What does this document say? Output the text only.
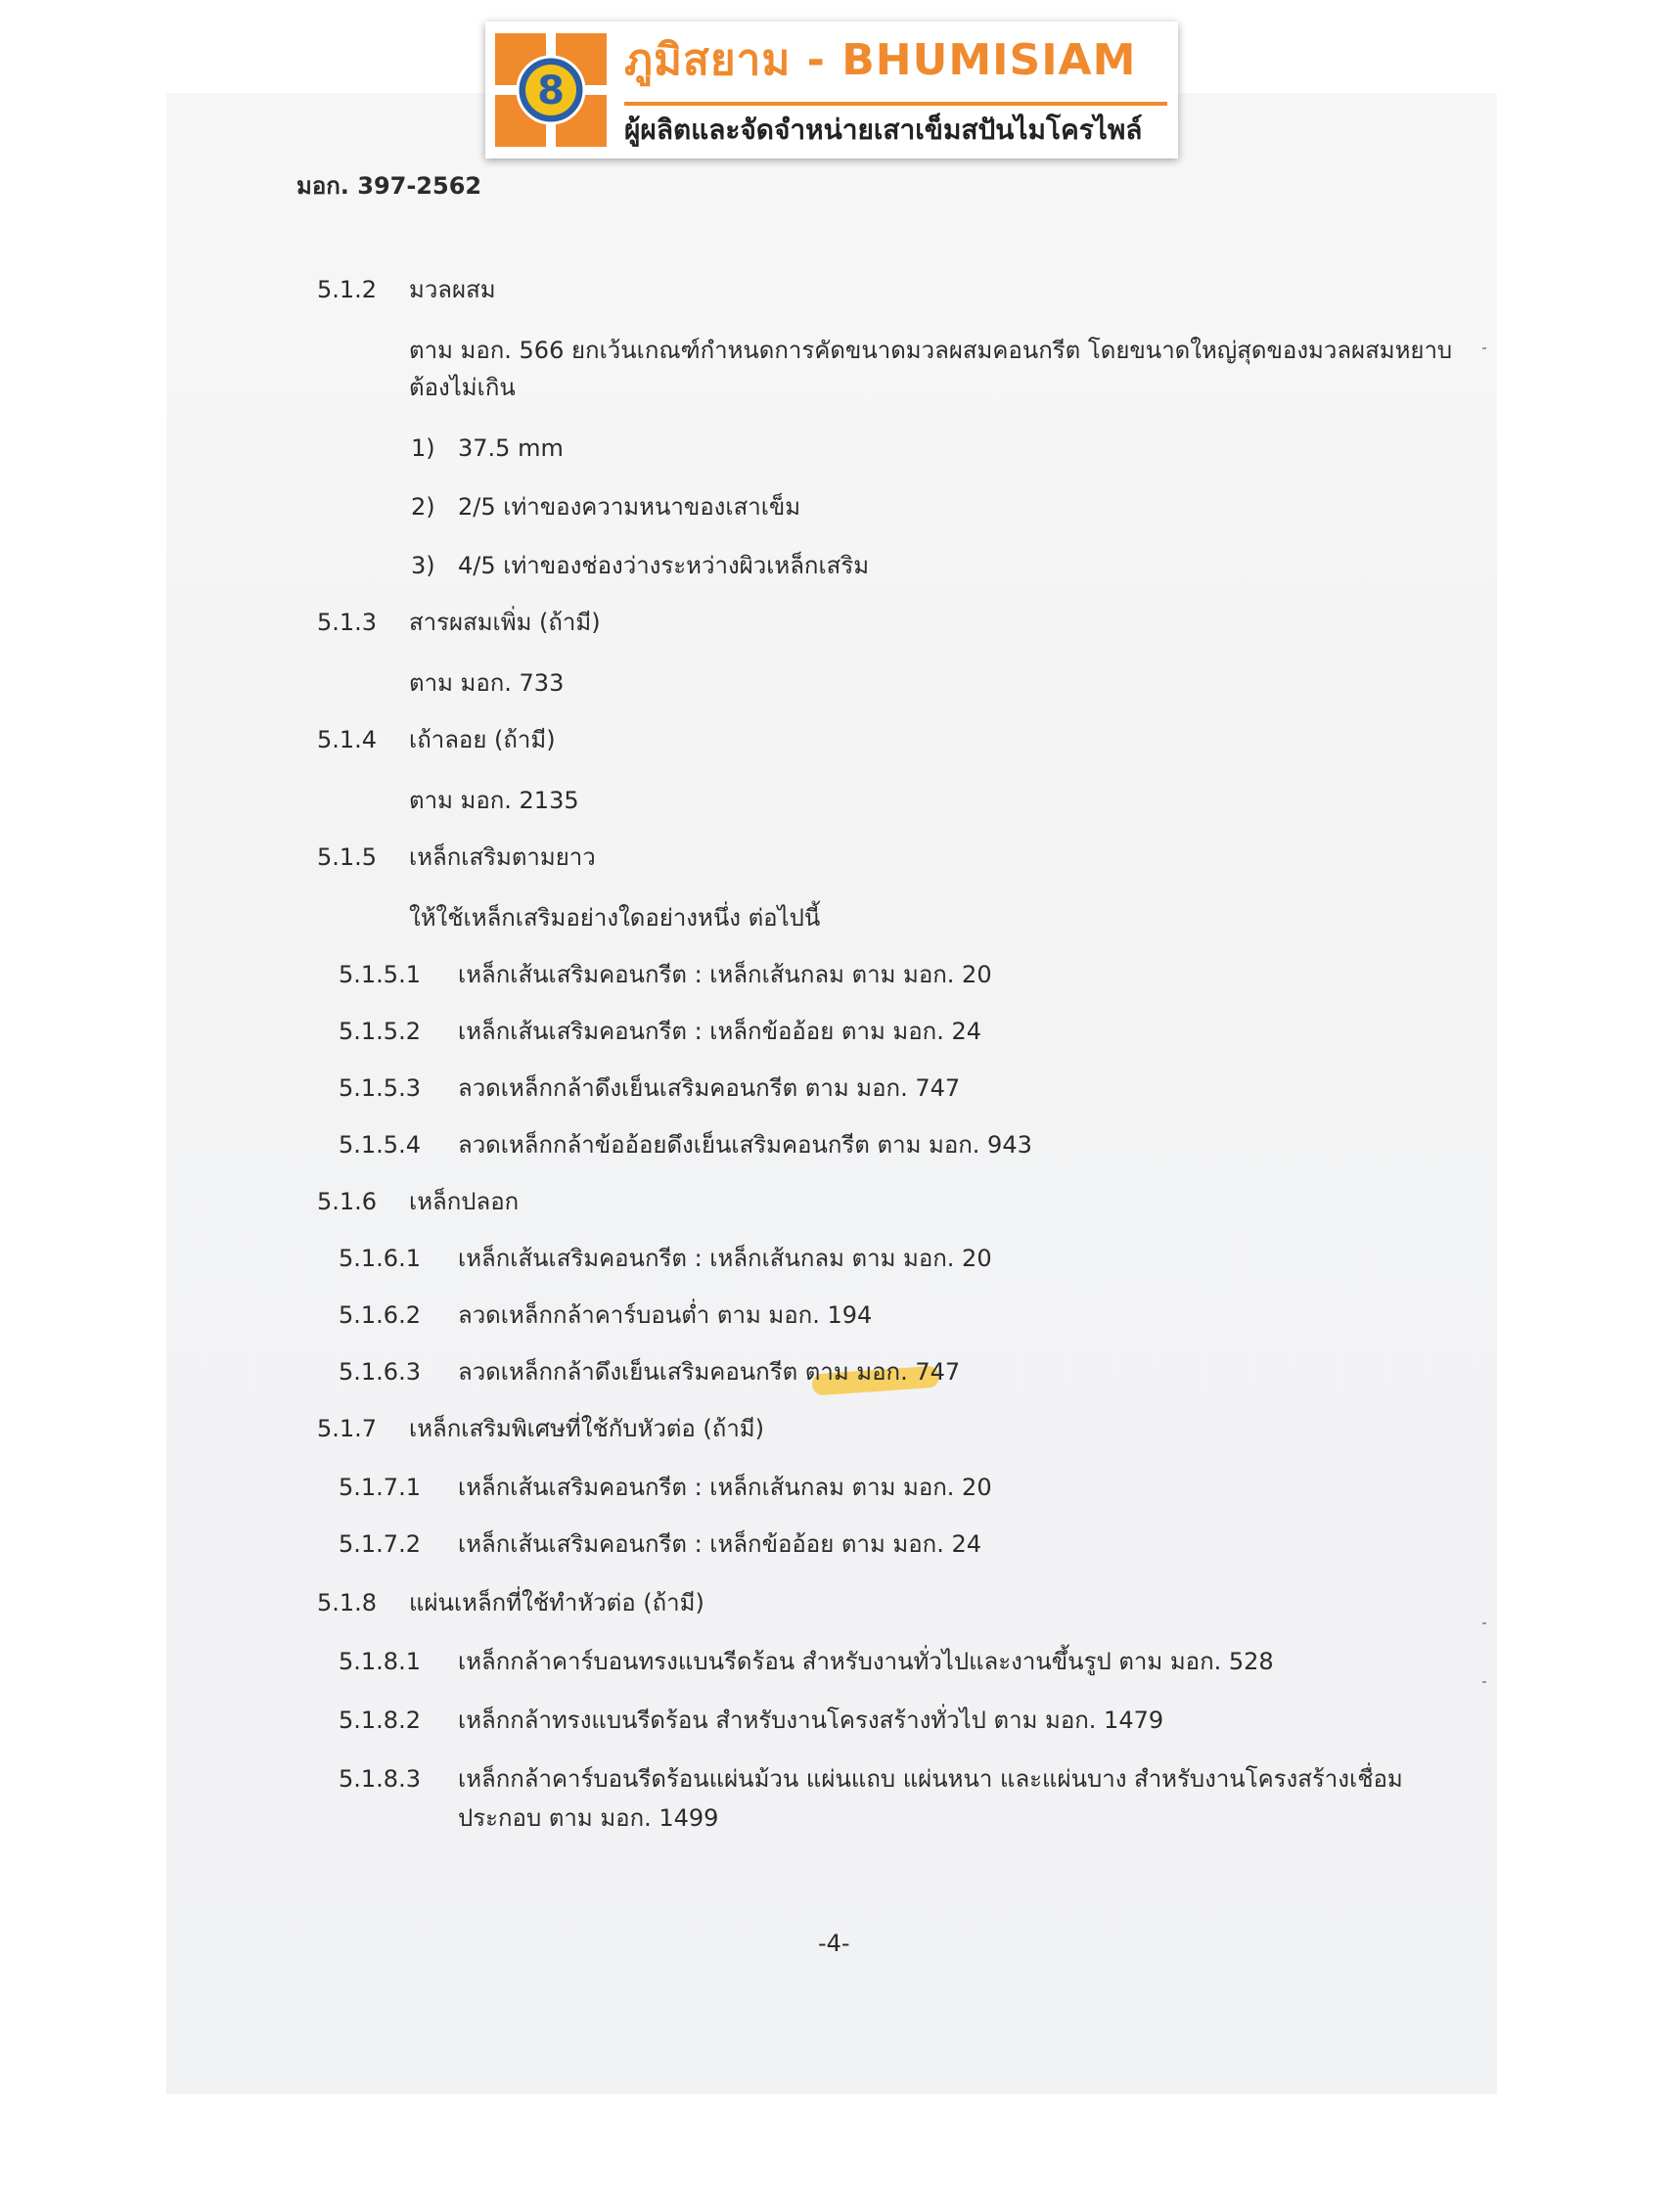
8
ภูมิสยาม - BHUMISIAM
ผู้ผลิตและจัดจำหน่ายเสาเข็มสปันไมโครไพล์
มอก. 397-2562
5.1.2 มวลผสม
ตาม มอก. 566 ยกเว้นเกณฑ์กำหนดการคัดขนาดมวลผสมคอนกรีต โดยขนาดใหญ่สุดของมวลผสมหยาบ
ต้องไม่เกิน
1) 37.5 mm
2) 2/5 เท่าของความหนาของเสาเข็ม
3) 4/5 เท่าของช่องว่างระหว่างผิวเหล็กเสริม
5.1.3 สารผสมเพิ่ม (ถ้ามี)
ตาม มอก. 733
5.1.4 เถ้าลอย (ถ้ามี)
ตาม มอก. 2135
5.1.5 เหล็กเสริมตามยาว
ให้ใช้เหล็กเสริมอย่างใดอย่างหนึ่ง ต่อไปนี้
5.1.5.1 เหล็กเส้นเสริมคอนกรีต : เหล็กเส้นกลม ตาม มอก. 20
5.1.5.2 เหล็กเส้นเสริมคอนกรีต : เหล็กข้ออ้อย ตาม มอก. 24
5.1.5.3 ลวดเหล็กกล้าดึงเย็นเสริมคอนกรีต ตาม มอก. 747
5.1.5.4 ลวดเหล็กกล้าข้ออ้อยดึงเย็นเสริมคอนกรีต ตาม มอก. 943
5.1.6 เหล็กปลอก
5.1.6.1 เหล็กเส้นเสริมคอนกรีต : เหล็กเส้นกลม ตาม มอก. 20
5.1.6.2 ลวดเหล็กกล้าคาร์บอนต่ำ ตาม มอก. 194
5.1.6.3 ลวดเหล็กกล้าดึงเย็นเสริมคอนกรีต ตาม มอก. 747
5.1.7 เหล็กเสริมพิเศษที่ใช้กับหัวต่อ (ถ้ามี)
5.1.7.1 เหล็กเส้นเสริมคอนกรีต : เหล็กเส้นกลม ตาม มอก. 20
5.1.7.2 เหล็กเส้นเสริมคอนกรีต : เหล็กข้ออ้อย ตาม มอก. 24
5.1.8 แผ่นเหล็กที่ใช้ทำหัวต่อ (ถ้ามี)
5.1.8.1 เหล็กกล้าคาร์บอนทรงแบนรีดร้อน สำหรับงานทั่วไปและงานขึ้นรูป ตาม มอก. 528
5.1.8.2 เหล็กกล้าทรงแบนรีดร้อน สำหรับงานโครงสร้างทั่วไป ตาม มอก. 1479
5.1.8.3 เหล็กกล้าคาร์บอนรีดร้อนแผ่นม้วน แผ่นแถบ แผ่นหนา และแผ่นบาง สำหรับงานโครงสร้างเชื่อม
ประกอบ ตาม มอก. 1499
-4-
